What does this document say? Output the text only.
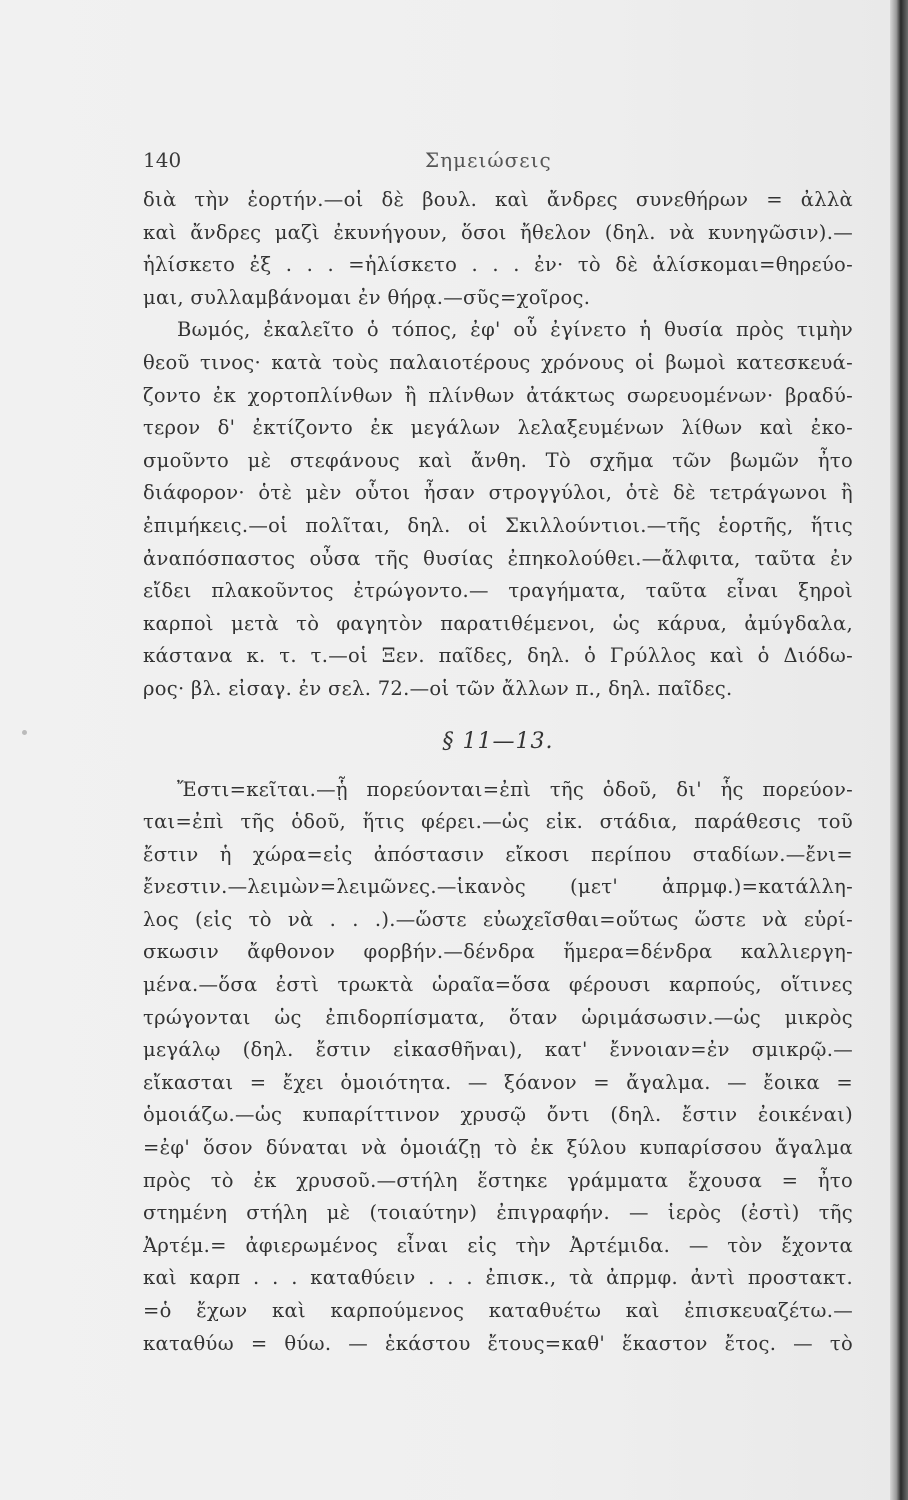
140	Σημειώσεις
διὰ τὴν ἑορτήν.—οἱ δὲ βουλ. καὶ ἄνδρες συνεθήρων = ἀλλὰ
καὶ ἄνδρες μαζὶ ἐκυνήγουν, ὅσοι ἤθελον (δηλ. νὰ κυνηγῶσιν).—
ἡλίσκετο ἐξ . . . =ἡλίσκετο . . . ἐν· τὸ δὲ ἁλίσκομαι=θηρεύο-
μαι, συλλαμβάνομαι ἐν θήρᾳ.—σῦς=χοῖρος.
Βωμός, ἐκαλεῖτο ὁ τόπος, ἐφ' οὗ ἐγίνετο ἡ θυσία πρὸς τιμὴν
θεοῦ τινος· κατὰ τοὺς παλαιοτέρους χρόνους οἱ βωμοὶ κατεσκευά-
ζοντο ἐκ χορτοπλίνθων ἢ πλίνθων ἀτάκτως σωρευομένων· βραδύ-
τερον δ' ἐκτίζοντο ἐκ μεγάλων λελαξευμένων λίθων καὶ ἐκο-
σμοῦντο μὲ στεφάνους καὶ ἄνθη. Τὸ σχῆμα τῶν βωμῶν ἦτο
διάφορον· ὁτὲ μὲν οὗτοι ἦσαν στρογγύλοι, ὁτὲ δὲ τετράγωνοι ἢ
ἐπιμήκεις.—οἱ πολῖται, δηλ. οἱ Σκιλλούντιοι.—τῆς ἑορτῆς, ἥτις
ἀναπόσπαστος οὖσα τῆς θυσίας ἐπηκολούθει.—ἄλφιτα, ταῦτα ἐν
εἴδει πλακοῦντος ἐτρώγοντο.— τραγήματα, ταῦτα εἶναι ξηροὶ
καρποὶ μετὰ τὸ φαγητὸν παρατιθέμενοι, ὡς κάρυα, ἀμύγδαλα,
κάστανα κ. τ. τ.—οἱ Ξεν. παῖδες, δηλ. ὁ Γρύλλος καὶ ὁ Διόδω-
ρος· βλ. εἰσαγ. ἐν σελ. 72.—οἱ τῶν ἄλλων π., δηλ. παῖδες.
§ 11—13.
Ἔστι=κεῖται.—ᾗ πορεύονται=ἐπὶ τῆς ὁδοῦ, δι' ἧς πορεύον-
ται=ἐπὶ τῆς ὁδοῦ, ἥτις φέρει.—ὡς εἰκ. στάδια, παράθεσις τοῦ
ἔστιν ἡ χώρα=εἰς ἀπόστασιν εἴκοσι περίπου σταδίων.—ἔνι=
ἔνεστιν.—λειμὼν=λειμῶνες.—ἱκανὸς (μετ' ἀπρμφ.)=κατάλλη-
λος (εἰς τὸ νὰ . . .).—ὥστε εὐωχεῖσθαι=οὕτως ὥστε νὰ εὑρί-
σκωσιν ἄφθονον φορβήν.—δένδρα ἥμερα=δένδρα καλλιεργη-
μένα.—ὅσα ἐστὶ τρωκτὰ ὡραῖα=ὅσα φέρουσι καρπούς, οἵτινες
τρώγονται ὡς ἐπιδορπίσματα, ὅταν ὡριμάσωσιν.—ὡς μικρὸς
μεγάλῳ (δηλ. ἔστιν εἰκασθῆναι), κατ' ἔννοιαν=ἐν σμικρῷ.—
εἴκασται = ἔχει ὁμοιότητα. — ξόανον = ἄγαλμα. — ἔοικα =
ὁμοιάζω.—ὡς κυπαρίττινον χρυσῷ ὄντι (δηλ. ἔστιν ἐοικέναι)
=ἐφ' ὅσον δύναται νὰ ὁμοιάζῃ τὸ ἐκ ξύλου κυπαρίσσου ἄγαλμα
πρὸς τὸ ἐκ χρυσοῦ.—στήλη ἕστηκε γράμματα ἔχουσα = ἦτο
στημένη στήλη μὲ (τοιαύτην) ἐπιγραφήν. — ἱερὸς (ἐστὶ) τῆς
Ἀρτέμ.= ἀφιερωμένος εἶναι εἰς τὴν Ἀρτέμιδα. — τὸν ἔχοντα
καὶ καρπ . . . καταθύειν . . . ἐπισκ., τὰ ἀπρμφ. ἀντὶ προστακτ.
=ὁ ἔχων καὶ καρπούμενος καταθυέτω καὶ ἐπισκευαζέτω.—
καταθύω = θύω. — ἑκάστου ἔτους=καθ' ἕκαστον ἔτος. — τὸ
